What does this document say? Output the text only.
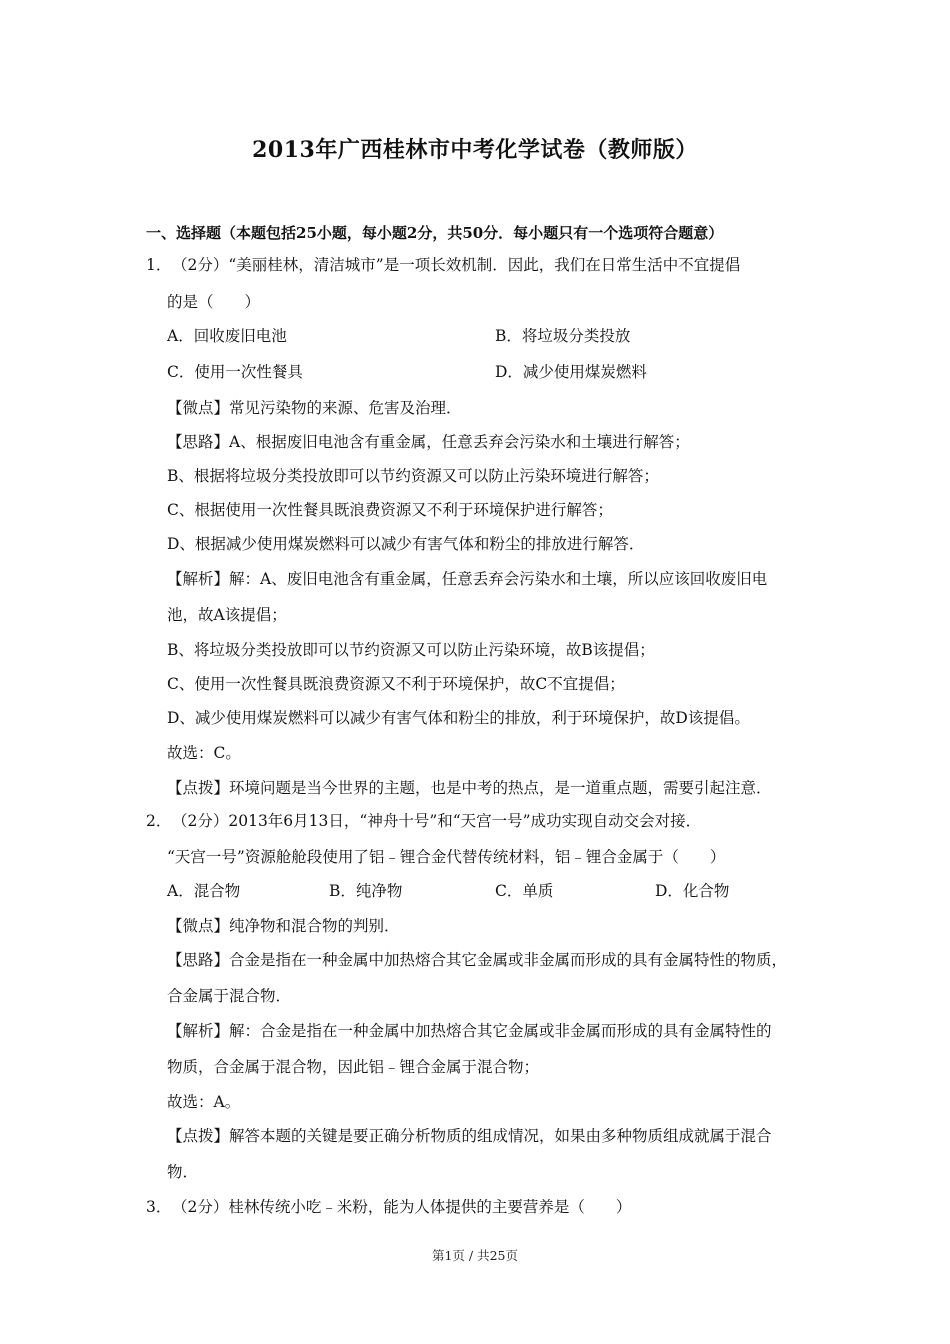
2013年广西桂林市中考化学试卷（教师版）
一、选择题（本题包括25小题，每小题2分，共50分．每小题只有一个选项符合题意）
1．（2分）“美丽桂林，清洁城市”是一项长效机制．因此，我们在日常生活中不宜提倡
的是（　　）
A．回收废旧电池	B．将垃圾分类投放
C．使用一次性餐具	D．减少使用煤炭燃料
【微点】常见污染物的来源、危害及治理．
【思路】A、根据废旧电池含有重金属，任意丢弃会污染水和土壤进行解答；
B、根据将垃圾分类投放即可以节约资源又可以防止污染环境进行解答；
C、根据使用一次性餐具既浪费资源又不利于环境保护进行解答；
D、根据减少使用煤炭燃料可以减少有害气体和粉尘的排放进行解答．
【解析】解：A、废旧电池含有重金属，任意丢弃会污染水和土壤，所以应该回收废旧电
池，故A该提倡；
B、将垃圾分类投放即可以节约资源又可以防止污染环境，故B该提倡；
C、使用一次性餐具既浪费资源又不利于环境保护，故C不宜提倡；
D、减少使用煤炭燃料可以减少有害气体和粉尘的排放，利于环境保护，故D该提倡。
故选：C。
【点拨】环境问题是当今世界的主题，也是中考的热点，是一道重点题，需要引起注意．
2．（2分）2013年6月13日，“神舟十号”和“天宫一号”成功实现自动交会对接．
“天宫一号”资源舱舱段使用了铝﹣锂合金代替传统材料，铝﹣锂合金属于（　　）
A．混合物	B．纯净物	C．单质	D．化合物
【微点】纯净物和混合物的判别．
【思路】合金是指在一种金属中加热熔合其它金属或非金属而形成的具有金属特性的物质，
合金属于混合物．
【解析】解：合金是指在一种金属中加热熔合其它金属或非金属而形成的具有金属特性的
物质，合金属于混合物，因此铝﹣锂合金属于混合物；
故选：A。
【点拨】解答本题的关键是要正确分析物质的组成情况，如果由多种物质组成就属于混合
物．
3．（2分）桂林传统小吃﹣米粉，能为人体提供的主要营养是（　　）
第1页 / 共25页
